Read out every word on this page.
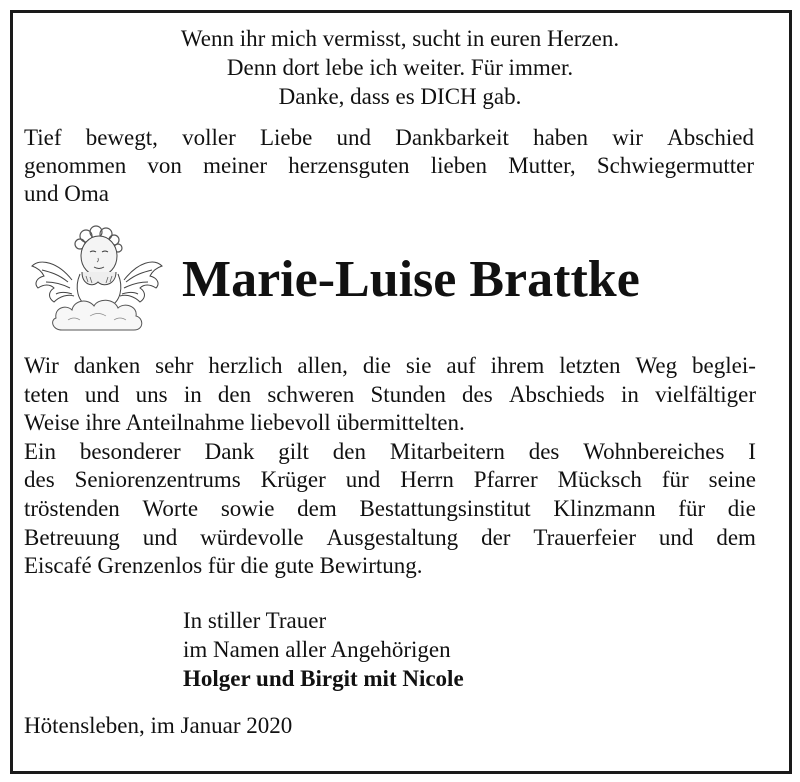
Wenn ihr mich vermisst, sucht in euren Herzen.
Denn dort lebe ich weiter. Für immer.
Danke, dass es DICH gab.
Tief bewegt, voller Liebe und Dankbarkeit haben wir Abschied
genommen von meiner herzensguten lieben Mutter, Schwiegermutter
und Oma
Marie-Luise Brattke
Wir danken sehr herzlich allen, die sie auf ihrem letzten Weg beglei-
teten und uns in den schweren Stunden des Abschieds in vielfältiger
Weise ihre Anteilnahme liebevoll übermittelten.
Ein besonderer Dank gilt den Mitarbeitern des Wohnbereiches I
des Seniorenzentrums Krüger und Herrn Pfarrer Mücksch für seine
tröstenden Worte sowie dem Bestattungsinstitut Klinzmann für die
Betreuung und würdevolle Ausgestaltung der Trauerfeier und dem
Eiscafé Grenzenlos für die gute Bewirtung.
In stiller Trauer
im Namen aller Angehörigen
Holger und Birgit mit Nicole
Hötensleben, im Januar 2020
